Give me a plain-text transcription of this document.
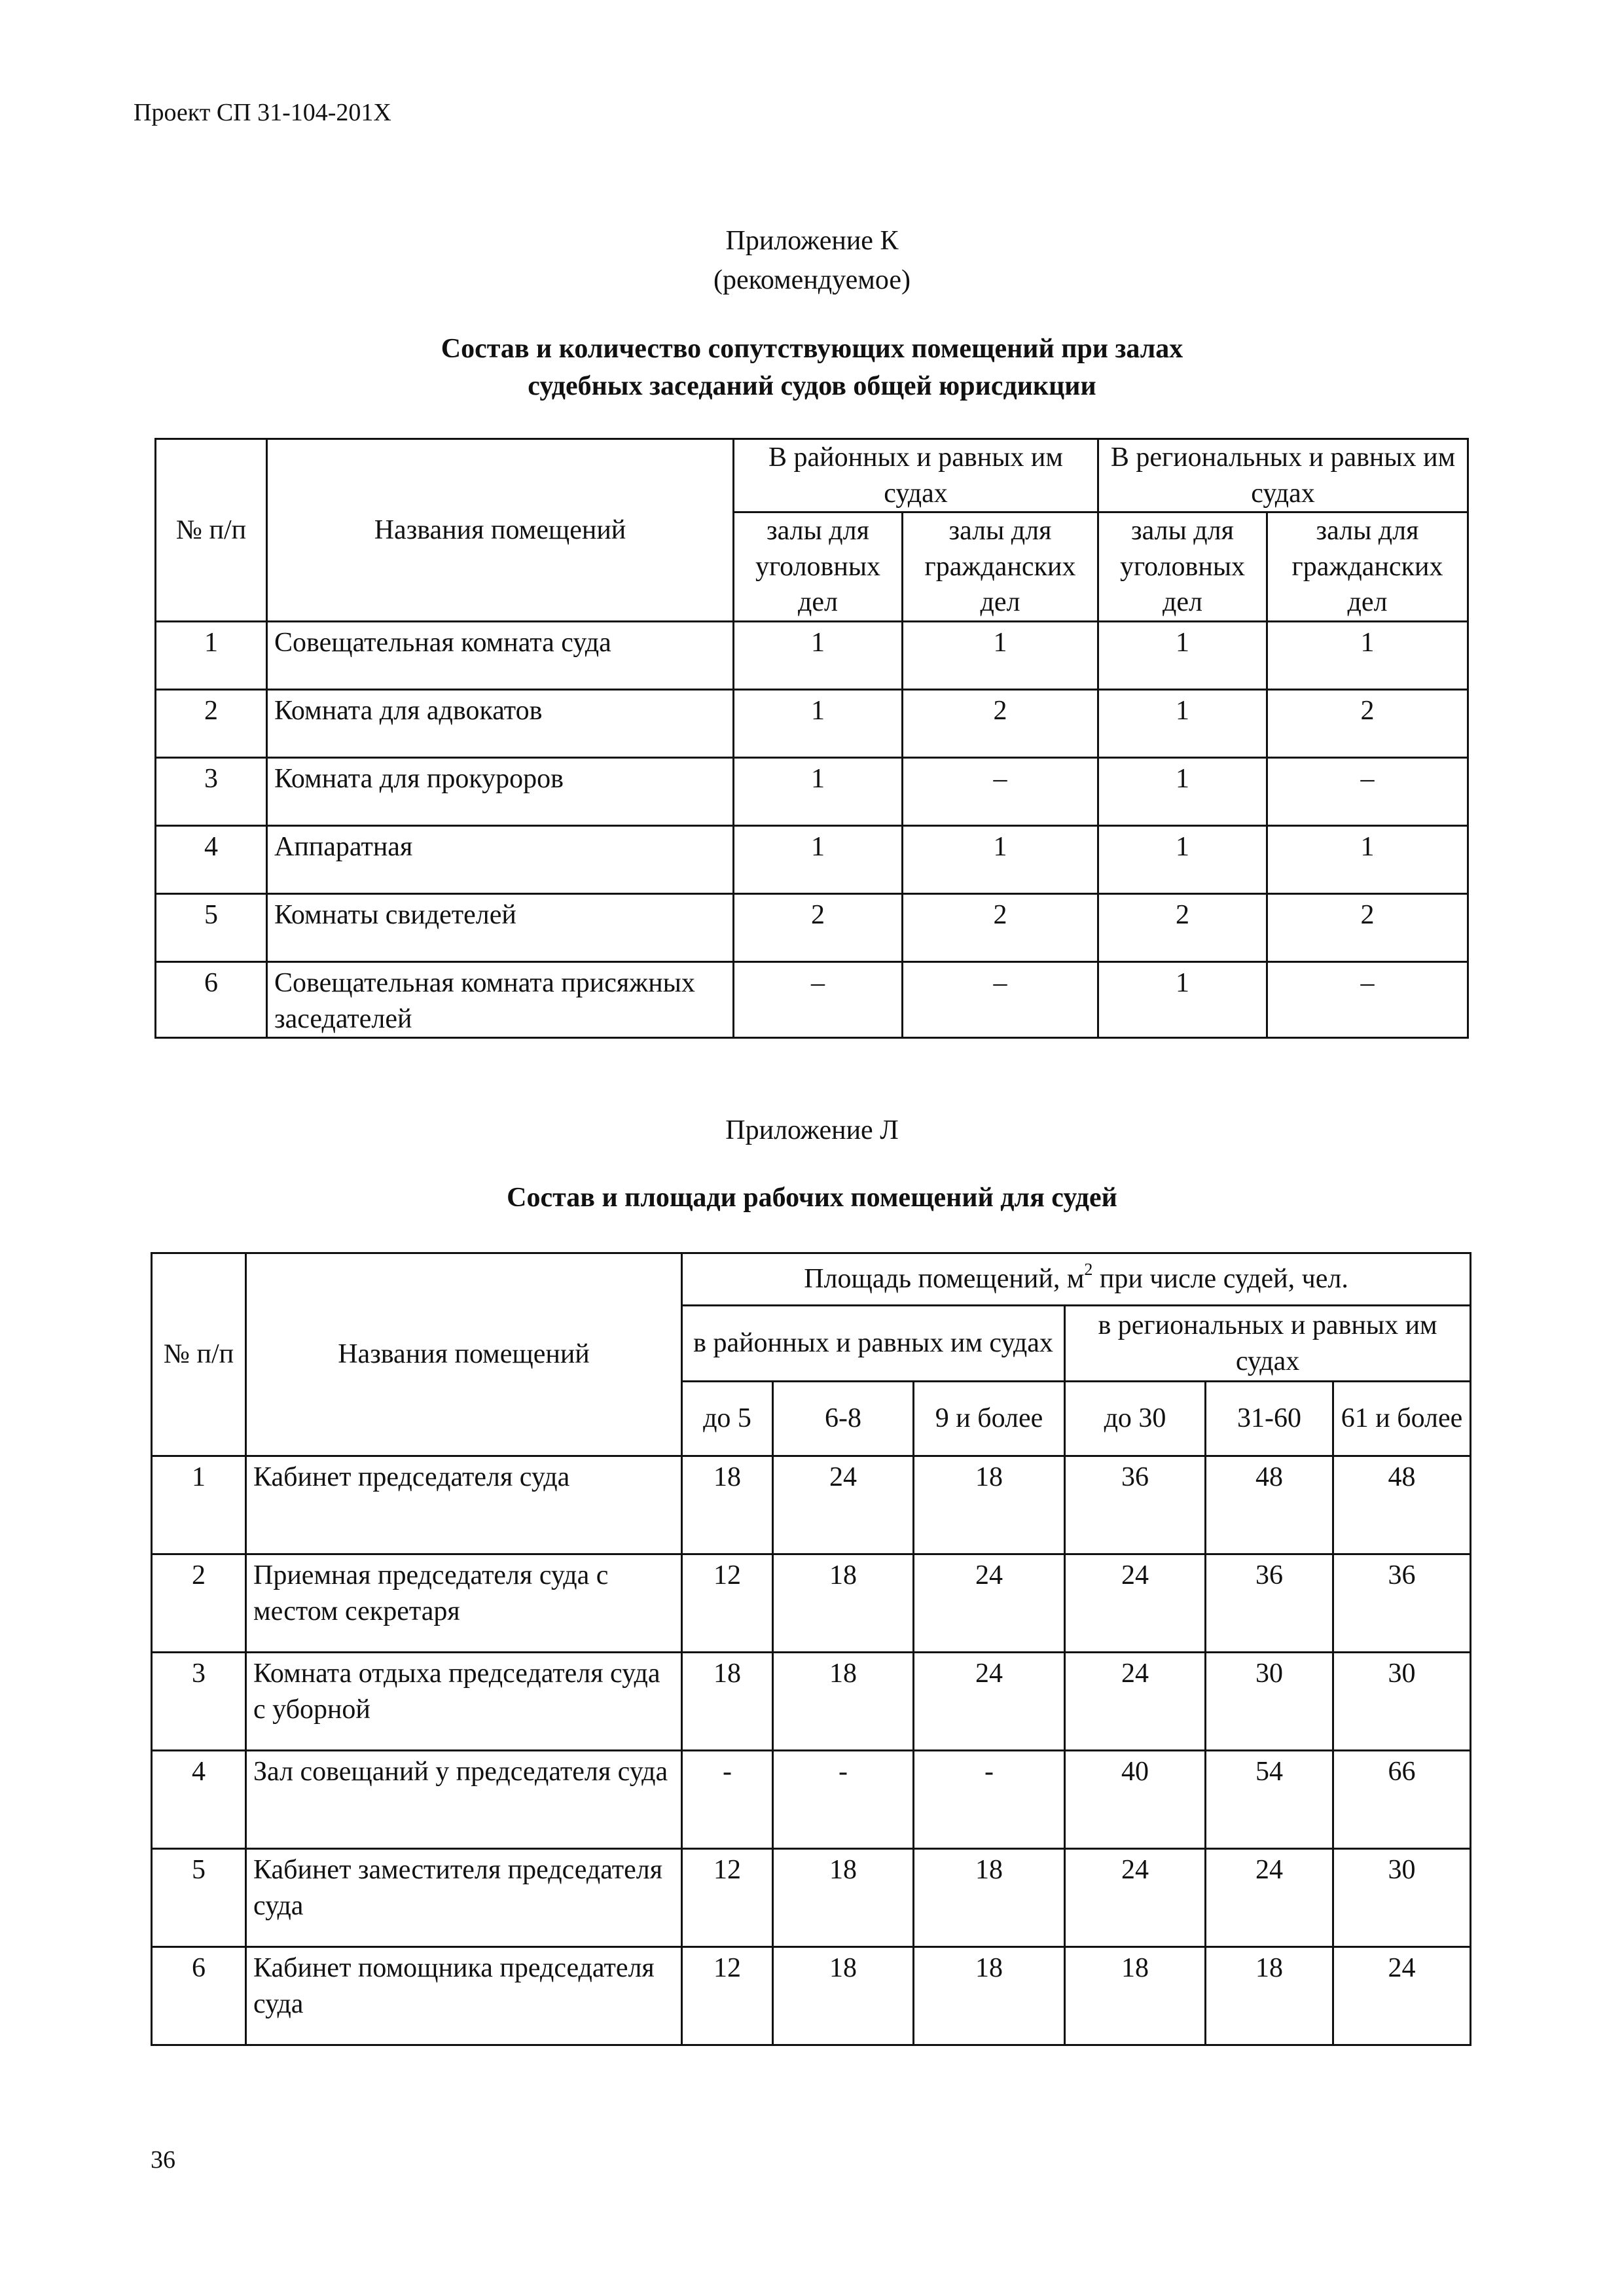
Проект СП 31-104-201Х
Приложение К
(рекомендуемое)
Состав и количество сопутствующих помещений при залах
судебных заседаний судов общей юрисдикции
№ п/п	Названия помещений	В районных и равных им судах		В региональных и равных им судах	
		залы для уголовных дел	залы для гражданских дел	залы для уголовных дел	залы для гражданских дел
1	Совещательная комната суда	1	1	1	1
2	Комната для адвокатов	1	2	1	2
3	Комната для прокуроров	1	–	1	–
4	Аппаратная	1	1	1	1
5	Комнаты свидетелей	2	2	2	2
6	Совещательная комната присяжных заседателей	–	–	1	–
Приложение Л
Состав и площади рабочих помещений для судей
№ п/п	Названия помещений	Площадь помещений, $м^2$ при числе судей, чел.					
		в районных и равных им судах			в региональных и равных им судах		
		до 5	6-8	9 и более	до 30	31-60	61 и более
1	Кабинет председателя суда	18	24	18	36	48	48
2	Приемная председателя суда с местом секретаря	12	18	24	24	36	36
3	Комната отдыха председателя суда с уборной	18	18	24	24	30	30
4	Зал совещаний у председателя суда	-	-	-	40	54	66
5	Кабинет заместителя председателя суда	12	18	18	24	24	30
6	Кабинет помощника председателя суда	12	18	18	18	18	24
36
